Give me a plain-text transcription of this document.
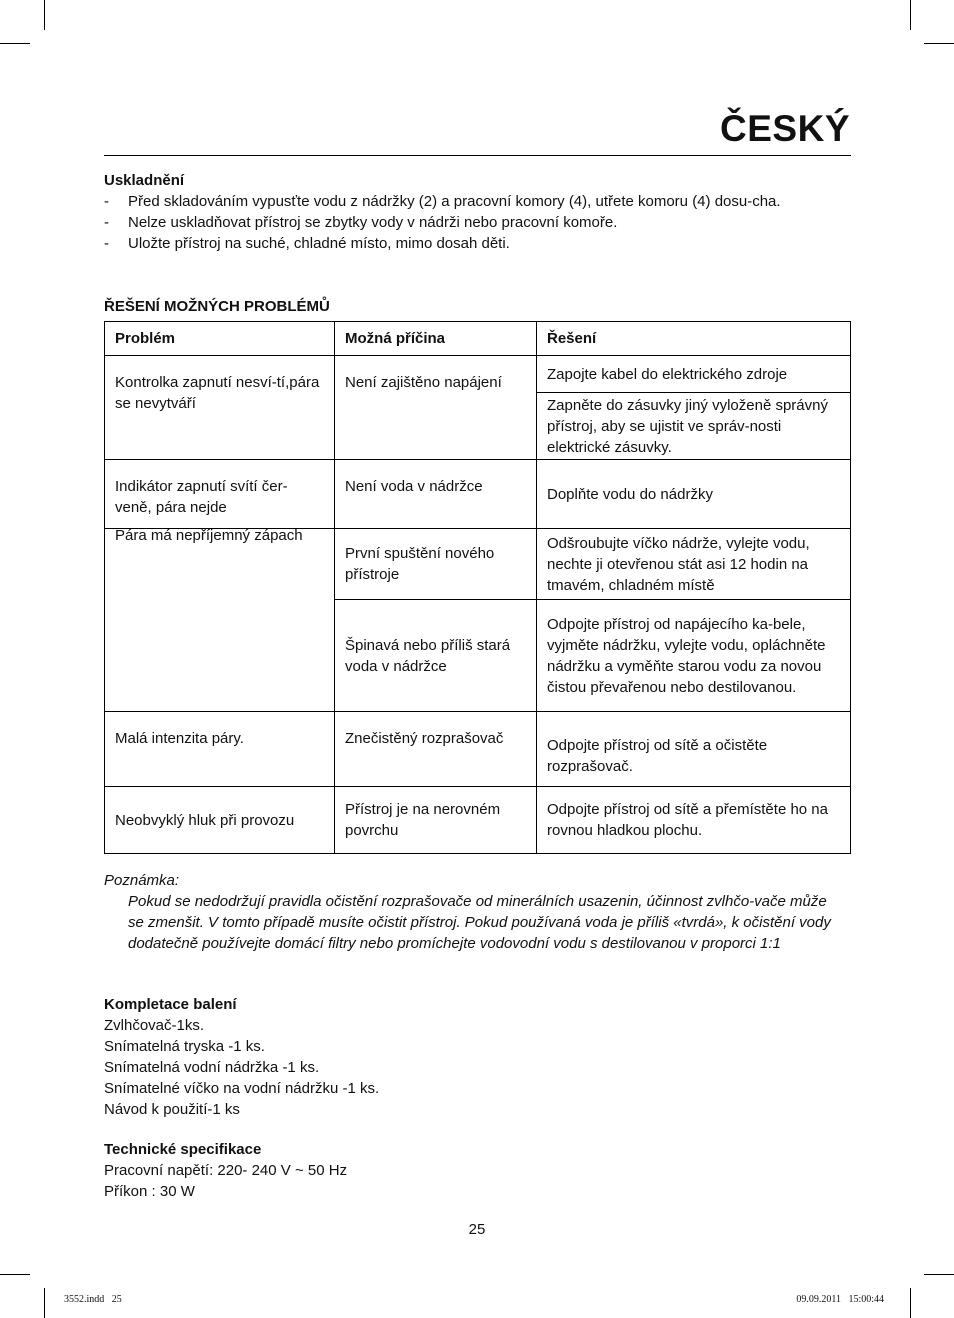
ČESKÝ
Uskladnění
- Před skladováním vypusťte vodu z nádržky (2) a pracovní komory (4), utřete komoru (4) dosu-cha.
- Nelze uskladňovat přístroj se zbytky vody v nádrži nebo pracovní komoře.
- Uložte přístroj na suché, chladné místo, mimo dosah děti.
ŘEŠENÍ MOŽNÝCH PROBLÉMŮ
Problém	Možná příčina	Řešení
Kontrolka zapnutí nesví-tí,pára se nevytváří	Není zajištěno napájení	Zapojte kabel do elektrického zdroje
		Zapněte do zásuvky jiný vyloženě správný přístroj, aby se ujistit ve správ-nosti elektrické zásuvky.
Indikátor zapnutí svítí čer-veně, pára nejde	Není voda v nádržce	Doplňte vodu do nádržky

Pára má nepříjemný zápach	První spuštění nového přístroje	Odšroubujte víčko nádrže, vylejte vodu, nechte ji otevřenou stát asi 12 hodin na tmavém, chladném místě
	Špinavá nebo příliš stará voda v nádržce	Odpojte přístroj od napájecího ka-bele, vyjměte nádržku, vylejte vodu, opláchněte nádržku a vyměňte starou vodu za novou čistou převařenou nebo destilovanou.
Malá intenzita páry.	Znečistěný rozprašovač	Odpojte přístroj od sítě a očistěte rozprašovač.
Neobvyklý hluk při provozu	Přístroj je na nerovném povrchu	Odpojte přístroj od sítě a přemístěte ho na rovnou hladkou plochu.
Poznámka:
Pokud se nedodržují pravidla očistění rozprašovače od minerálních usazenin, účinnost zvlhčo-vače může se zmenšit. V tomto případě musíte očistit přístroj. Pokud používaná voda je příliš «tvrdá», k očistění vody dodatečně používejte domácí filtry nebo promíchejte vodovodní vodu s destilovanou v proporci 1:1
Kompletace balení
Zvlhčovač-1ks.
Snímatelná tryska -1 ks.
Snímatelná vodní nádržka -1 ks.
Snímatelné víčko na vodní nádržku -1 ks.
Návod k použití-1 ks
Technické specifikace
Pracovní napětí: 220- 240 V ~ 50 Hz
Příkon : 30 W
25
3552.indd   25	09.09.2011   15:00:44
